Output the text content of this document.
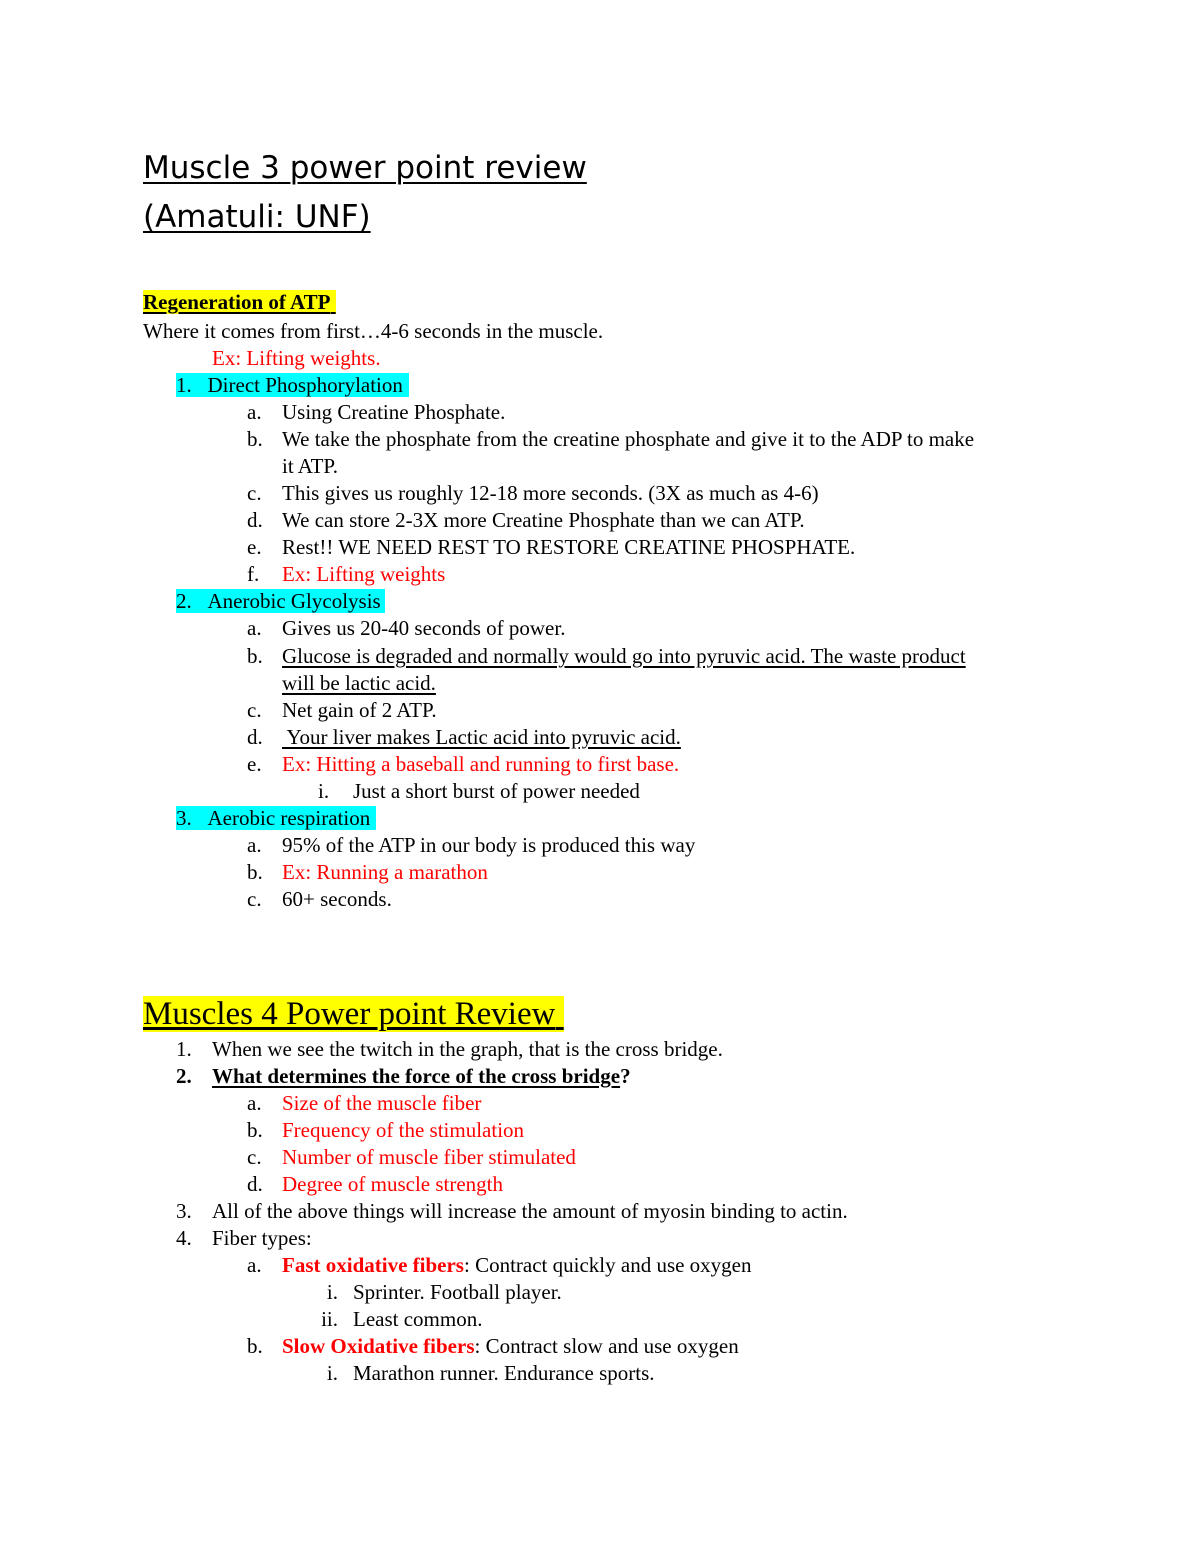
Muscle 3 power point review
(Amatuli: UNF)
Regeneration of ATP
Where it comes from first…4-6 seconds in the muscle.
Ex: Lifting weights.
1. Direct Phosphorylation
a. Using Creatine Phosphate.
b. We take the phosphate from the creatine phosphate and give it to the ADP to make
it ATP.
c. This gives us roughly 12-18 more seconds. (3X as much as 4-6)
d. We can store 2-3X more Creatine Phosphate than we can ATP.
e. Rest!! WE NEED REST TO RESTORE CREATINE PHOSPHATE.
f.	Ex: Lifting weights
2. Anerobic Glycolysis
a. Gives us 20-40 seconds of power.
b. Glucose is degraded and normally would go into pyruvic acid. The waste product
will be lactic acid.
c. Net gain of 2 ATP.
d. Your liver makes Lactic acid into pyruvic acid.
e. Ex: Hitting a baseball and running to first base.
i.	Just a short burst of power needed
3. Aerobic respiration
a. 95% of the ATP in our body is produced this way
b. Ex: Running a marathon
c. 60+ seconds.
Muscles 4 Power point Review
1. When we see the twitch in the graph, that is the cross bridge.
2. What determines the force of the cross bridge?
a. Size of the muscle fiber
b. Frequency of the stimulation
c. Number of muscle fiber stimulated
d. Degree of muscle strength
3. All of the above things will increase the amount of myosin binding to actin.
4. Fiber types:
a. Fast oxidative fibers: Contract quickly and use oxygen
i. Sprinter. Football player.
ii. Least common.
b. Slow Oxidative fibers: Contract slow and use oxygen
i. Marathon runner. Endurance sports.
